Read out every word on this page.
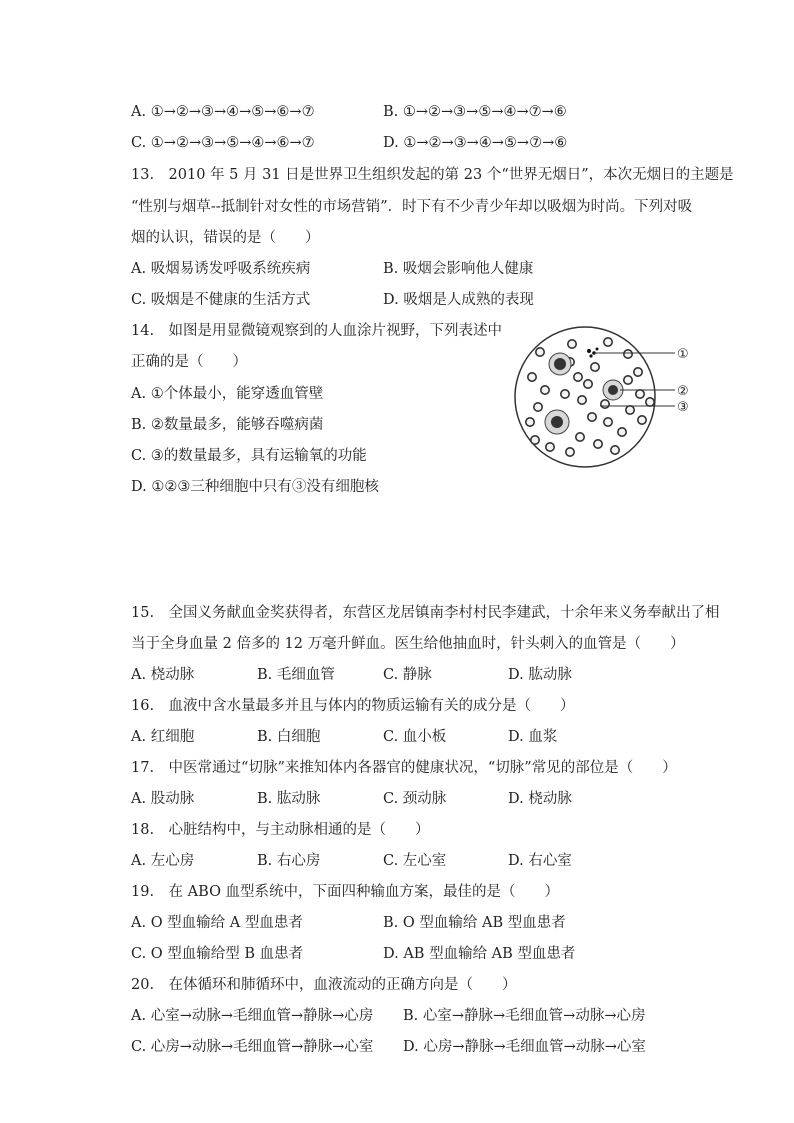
A. ①→②→③→④→⑤→⑥→⑦	B. ①→②→③→⑤→④→⑦→⑥
C. ①→②→③→⑤→④→⑥→⑦	D. ①→②→③→④→⑤→⑦→⑥
13.　2010 年 5 月 31 日是世界卫生组织发起的第 23 个“世界无烟日”，本次无烟日的主题是
“性别与烟草--抵制针对女性的市场营销”．时下有不少青少年却以吸烟为时尚。下列对吸
烟的认识，错误的是（　　）
A. 吸烟易诱发呼吸系统疾病	B. 吸烟会影响他人健康
C. 吸烟是不健康的生活方式	D. 吸烟是人成熟的表现
14.　如图是用显微镜观察到的人血涂片视野，下列表述中
正确的是（　　）
A. ①个体最小，能穿透血管壁
B. ②数量最多，能够吞噬病菌
C. ③的数量最多，具有运输氧的功能
D. ①②③三种细胞中只有③没有细胞核
①
②
③
15.　全国义务献血金奖获得者，东营区龙居镇南李村村民李建武，十余年来义务奉献出了相
当于全身血量 2 倍多的 12 万毫升鲜血。医生给他抽血时，针头刺入的血管是（　　）
A. 桡动脉	B. 毛细血管	C. 静脉	D. 肱动脉
16.　血液中含水量最多并且与体内的物质运输有关的成分是（　　）
A. 红细胞	B. 白细胞	C. 血小板	D. 血浆
17.　中医常通过“切脉”来推知体内各器官的健康状况，“切脉”常见的部位是（　　）
A. 股动脉	B. 肱动脉	C. 颈动脉	D. 桡动脉
18.　心脏结构中，与主动脉相通的是（　　）
A. 左心房	B. 右心房	C. 左心室	D. 右心室
19.　在 ABO 血型系统中，下面四种输血方案，最佳的是（　　）
A. O 型血输给 A 型血患者	B. O 型血输给 AB 型血患者
C. O 型血输给型 B 血患者	D. AB 型血输给 AB 型血患者
20.　在体循环和肺循环中，血液流动的正确方向是（　　）
A. 心室→动脉→毛细血管→静脉→心房 B. 心室→静脉→毛细血管→动脉→心房
C. 心房→动脉→毛细血管→静脉→心室 D. 心房→静脉→毛细血管→动脉→心室
